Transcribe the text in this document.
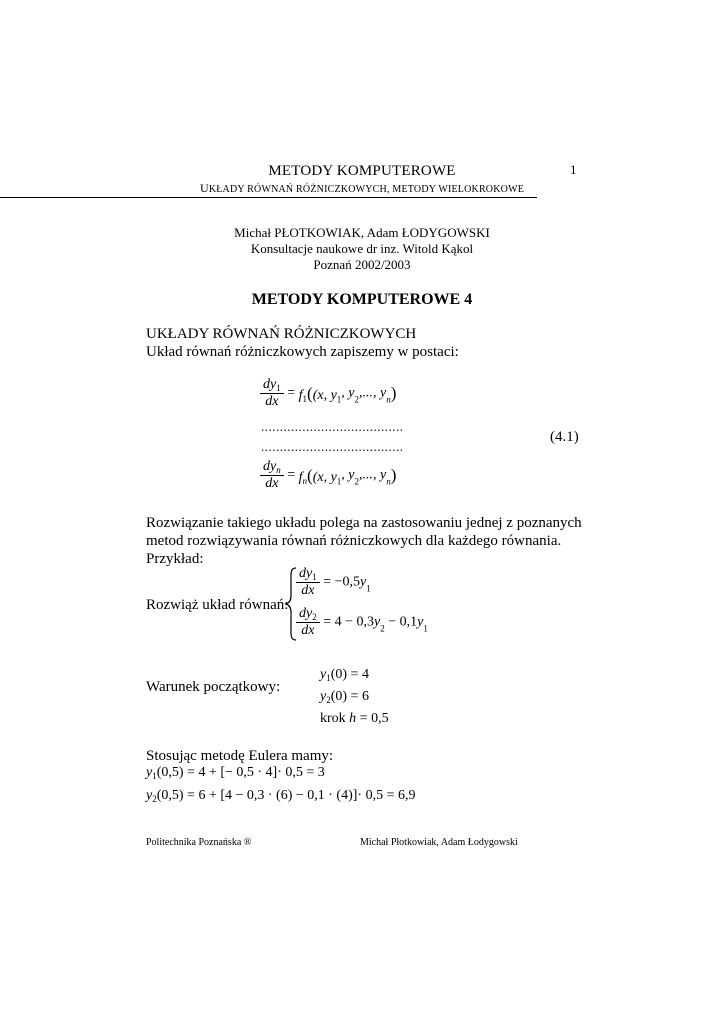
METODY KOMPUTEROWE	1
UKŁADY RÓWNAŃ RÓŻNICZKOWYCH, METODY WIELOKROKOWE
Michał PŁOTKOWIAK, Adam ŁODYGOWSKI
Konsultacje naukowe dr inz. Witold Kąkol
Poznań 2002/2003
METODY KOMPUTEROWE 4
UKŁADY RÓWNAŃ RÓŻNICZKOWYCH
Układ równań różniczkowych zapiszemy w postaci:
$\frac{dy_1}{dx} = f_1((x$, $y_1$, $y_2$,..., $y_n$)
......................................
......................................
(4.1)
$\frac{dy_n}{dx} = f_n((x$, $y_1$, $y_2$,..., $y_n$)
Rozwiązanie takiego układu polega na zastosowaniu jednej z poznanych
metod rozwiązywania równań różniczkowych dla każdego równania.
Przykład:
Rozwiąż układ równań:
$\frac{dy_1}{dx} = -0,5y_1$
$\frac{dy_2}{dx} = 4 - 0,3y_2 - 0,1y_1$
Warunek początkowy:
$y_1(0) = 4$
$y_2(0) = 6$
krok h = 0,5
Stosując metodę Eulera mamy:
$y_1(0,5) = 4$ + [− 0,5 · 4]· 0,5 = 3
$y_2(0,5) = 6 + [4 - 0,3 \cdot (6) - 0,1 \cdot (4)]\cdot 0,5 = 6,9$
Politechnika Poznańska ®	Michał Płotkowiak, Adam Łodygowski
